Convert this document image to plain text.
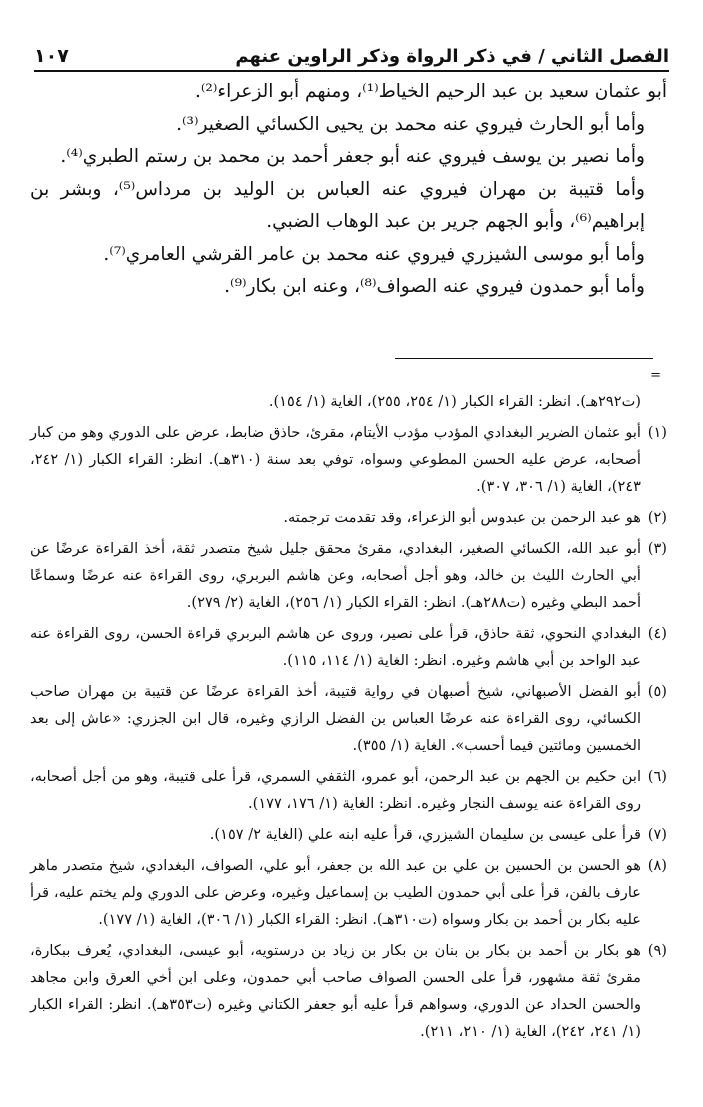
الفصل الثاني / في ذكر الرواة وذكر الراوين عنهم
١٠٧

أبو عثمان سعيد بن عبد الرحيم الخياط⁽¹⁾، ومنهم أبو الزعراء⁽²⁾.

وأما أبو الحارث فيروي عنه محمد بن يحيى الكسائي الصغير⁽³⁾.

وأما نصير بن يوسف فيروي عنه أبو جعفر أحمد بن محمد بن رستم الطبري⁽⁴⁾.

وأما قتيبة بن مهران فيروي عنه العباس بن الوليد بن مرداس⁽⁵⁾، وبشر بن إبراهيم⁽⁶⁾، وأبو الجهم جرير بن عبد الوهاب الضبي.

وأما أبو موسى الشيزري فيروي عنه محمد بن عامر القرشي العامري⁽⁷⁾.

وأما أبو حمدون فيروي عنه الصواف⁽⁸⁾، وعنه ابن بكار⁽⁹⁾.

=

(ت٢٩٢هـ). انظر: القراء الكبار (١/ ٢٥٤، ٢٥٥)، الغاية (١/ ١٥٤).

(١)أبو عثمان الضرير البغدادي المؤدب مؤدب الأيتام، مقرئ، حاذق ضابط، عرض على الدوري وهو من كبار أصحابه، عرض عليه الحسن المطوعي وسواه، توفي بعد سنة (٣١٠هـ). انظر: القراء الكبار (١/ ٢٤٢، ٢٤٣)، الغاية (١/ ٣٠٦، ٣٠٧).

(٢)هو عبد الرحمن بن عبدوس أبو الزعراء، وقد تقدمت ترجمته.

(٣)أبو عبد الله، الكسائي الصغير، البغدادي، مقرئ محقق جليل شيخ متصدر ثقة، أخذ القراءة عرضًا عن أبي الحارث الليث بن خالد، وهو أجل أصحابه، وعن هاشم البربري، روى القراءة عنه عرضًا وسماعًا أحمد البطي وغيره (ت٢٨٨هـ). انظر: القراء الكبار (١/ ٢٥٦)، الغاية (٢/ ٢٧٩).

(٤)البغدادي النحوي، ثقة حاذق، قرأ على نصير، وروى عن هاشم البربري قراءة الحسن، روى القراءة عنه عبد الواحد بن أبي هاشم وغيره. انظر: الغاية (١/ ١١٤، ١١٥).

(٥)أبو الفضل الأصبهاني، شيخ أصبهان في رواية قتيبة، أخذ القراءة عرضًا عن قتيبة بن مهران صاحب الكسائي، روى القراءة عنه عرضًا العباس بن الفضل الرازي وغيره، قال ابن الجزري: «عاش إلى بعد الخمسين ومائتين فيما أحسب». الغاية (١/ ٣٥٥).

(٦)ابن حكيم بن الجهم بن عبد الرحمن، أبو عمرو، الثقفي السمري، قرأ على قتيبة، وهو من أجل أصحابه، روى القراءة عنه يوسف النجار وغيره. انظر: الغاية (١/ ١٧٦، ١٧٧).

(٧)قرأ على عيسى بن سليمان الشيزري، قرأ عليه ابنه علي (الغاية ٢/ ١٥٧).

(٨)هو الحسن بن الحسين بن علي بن عبد الله بن جعفر، أبو علي، الصواف، البغدادي، شيخ متصدر ماهر عارف بالفن، قرأ على أبي حمدون الطيب بن إسماعيل وغيره، وعرض على الدوري ولم يختم عليه، قرأ عليه بكار بن أحمد بن بكار وسواه (ت٣١٠هـ). انظر: القراء الكبار (١/ ٣٠٦)، الغاية (١/ ١٧٧).

(٩)هو بكار بن أحمد بن بكار بن بنان بن بكار بن زياد بن درستويه، أبو عيسى، البغدادي، يُعرف ببكارة، مقرئ ثقة مشهور، قرأ على الحسن الصواف صاحب أبي حمدون، وعلى ابن أخي العرق وابن مجاهد والحسن الحداد عن الدوري، وسواهم قرأ عليه أبو جعفر الكتاني وغيره (ت٣٥٣هـ). انظر: القراء الكبار (١/ ٢٤١، ٢٤٢)، الغاية (١/ ٢١٠، ٢١١).
